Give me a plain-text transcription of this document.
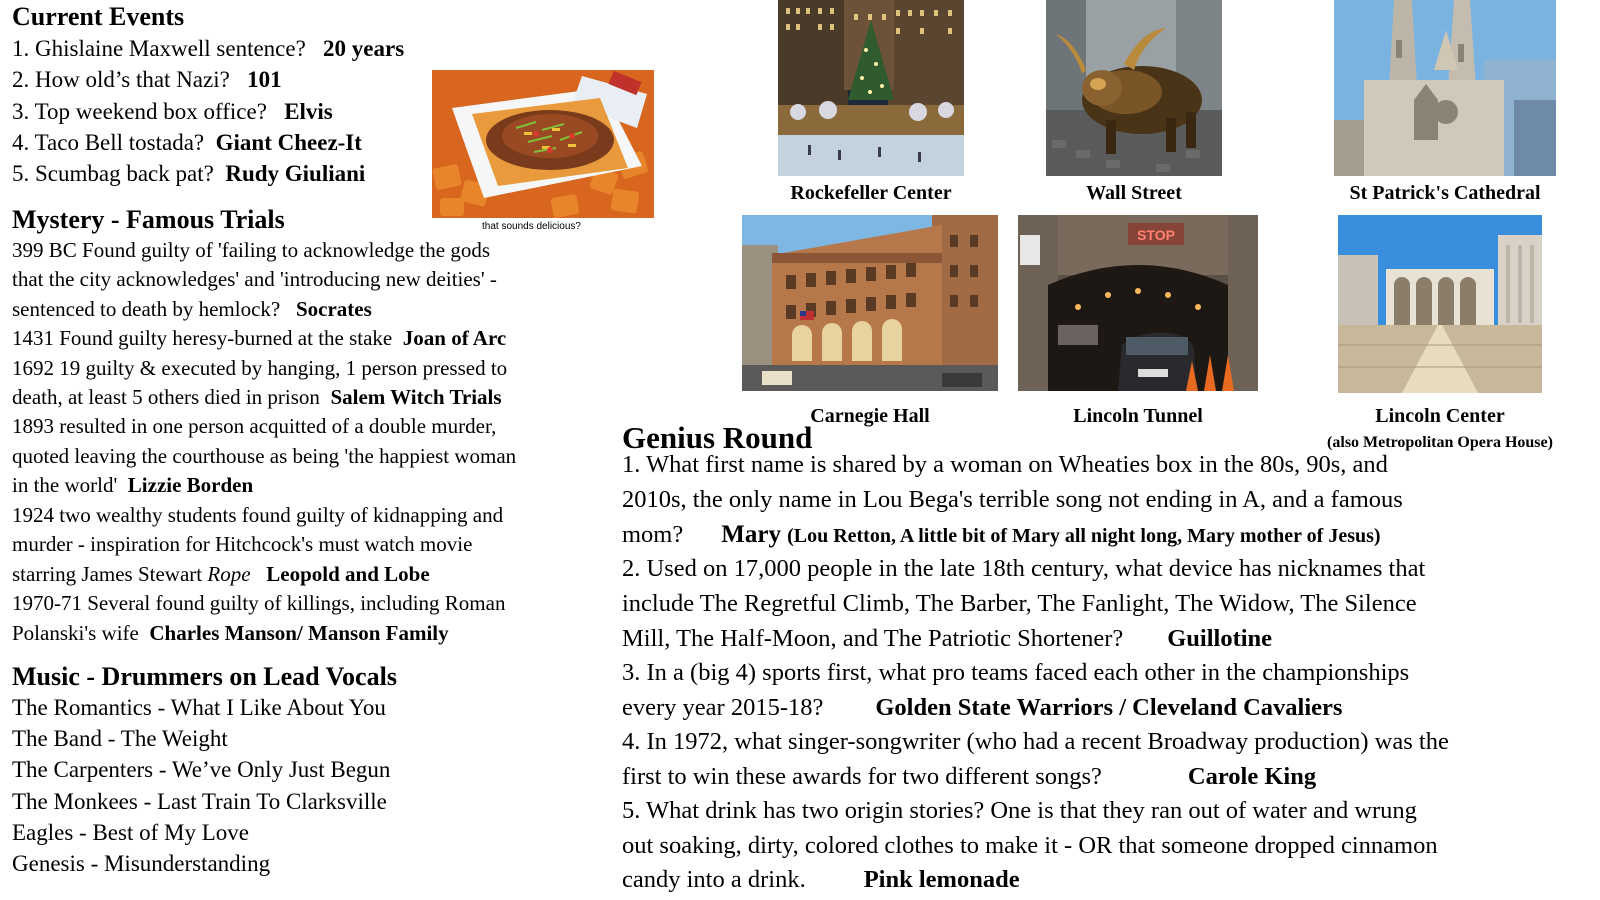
Current Events
1. Ghislaine Maxwell sentence? 20 years
2. How old’s that Nazi? 101
3. Top weekend box office? Elvis
4. Taco Bell tostada? Giant Cheez-It
5. Scumbag back pat? Rudy Giuliani
that sounds delicious?
Mystery - Famous Trials
399 BC Found guilty of 'failing to acknowledge the gods
that the city acknowledges' and 'introducing new deities' -
sentenced to death by hemlock? Socrates
1431 Found guilty heresy-burned at the stake Joan of Arc
1692 19 guilty & executed by hanging, 1 person pressed to
death, at least 5 others died in prison Salem Witch Trials
1893 resulted in one person acquitted of a double murder,
quoted leaving the courthouse as being 'the happiest woman
in the world' Lizzie Borden
1924 two wealthy students found guilty of kidnapping and
murder - inspiration for Hitchcock's must watch movie
starring James Stewart Rope Leopold and Lobe
1970-71 Several found guilty of killings, including Roman
Polanski's wife Charles Manson/ Manson Family
Music - Drummers on Lead Vocals
The Romantics - What I Like About You
The Band - The Weight
The Carpenters - We’ve Only Just Begun
The Monkees - Last Train To Clarksville
Eagles - Best of My Love
Genesis - Misunderstanding
Rockefeller Center	Wall Street	St Patrick's Cathedral
STOP
Carnegie Hall	Lincoln Tunnel	Lincoln Center
(also Metropolitan Opera House)
Genius Round
1. What first name is shared by a woman on Wheaties box in the 80s, 90s, and
2010s, the only name in Lou Bega's terrible song not ending in A, and a famous
mom? Mary (Lou Retton, A little bit of Mary all night long, Mary mother of Jesus)
2. Used on 17,000 people in the late 18th century, what device has nicknames that
include The Regretful Climb, The Barber, The Fanlight, The Widow, The Silence
Mill, The Half-Moon, and The Patriotic Shortener? Guillotine
3. In a (big 4) sports first, what pro teams faced each other in the championships
every year 2015-18? Golden State Warriors / Cleveland Cavaliers
4. In 1972, what singer-songwriter (who had a recent Broadway production) was the
first to win these awards for two different songs?	Carole King
5. What drink has two origin stories? One is that they ran out of water and wrung
out soaking, dirty, colored clothes to make it - OR that someone dropped cinnamon
candy into a drink. Pink lemonade
